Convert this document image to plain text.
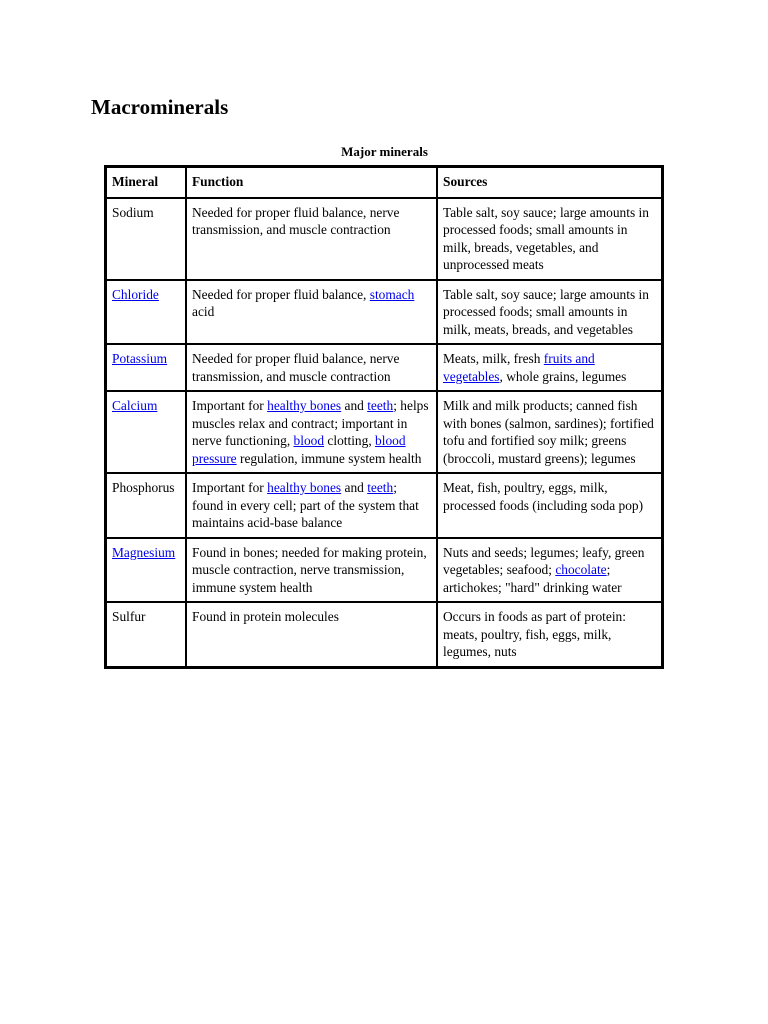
Macrominerals
Major minerals
Mineral	Function	Sources
Sodium	Needed for proper fluid balance, nerve transmission, and muscle contraction	Table salt, soy sauce; large amounts in processed foods; small amounts in milk, breads, vegetables, and unprocessed meats
Chloride	Needed for proper fluid balance, stomach acid	Table salt, soy sauce; large amounts in processed foods; small amounts in milk, meats, breads, and vegetables
Potassium	Needed for proper fluid balance, nerve transmission, and muscle contraction	Meats, milk, fresh fruits and vegetables, whole grains, legumes
Calcium	Important for healthy bones and teeth; helps muscles relax and contract; important in nerve functioning, blood clotting, blood pressure regulation, immune system health	Milk and milk products; canned fish with bones (salmon, sardines); fortified tofu and fortified soy milk; greens (broccoli, mustard greens); legumes
Phosphorus	Important for healthy bones and teeth; found in every cell; part of the system that maintains acid-base balance	Meat, fish, poultry, eggs, milk, processed foods (including soda pop)
Magnesium	Found in bones; needed for making protein, muscle contraction, nerve transmission, immune system health	Nuts and seeds; legumes; leafy, green vegetables; seafood; chocolate; artichokes; "hard" drinking water
Sulfur	Found in protein molecules	Occurs in foods as part of protein: meats, poultry, fish, eggs, milk, legumes, nuts
